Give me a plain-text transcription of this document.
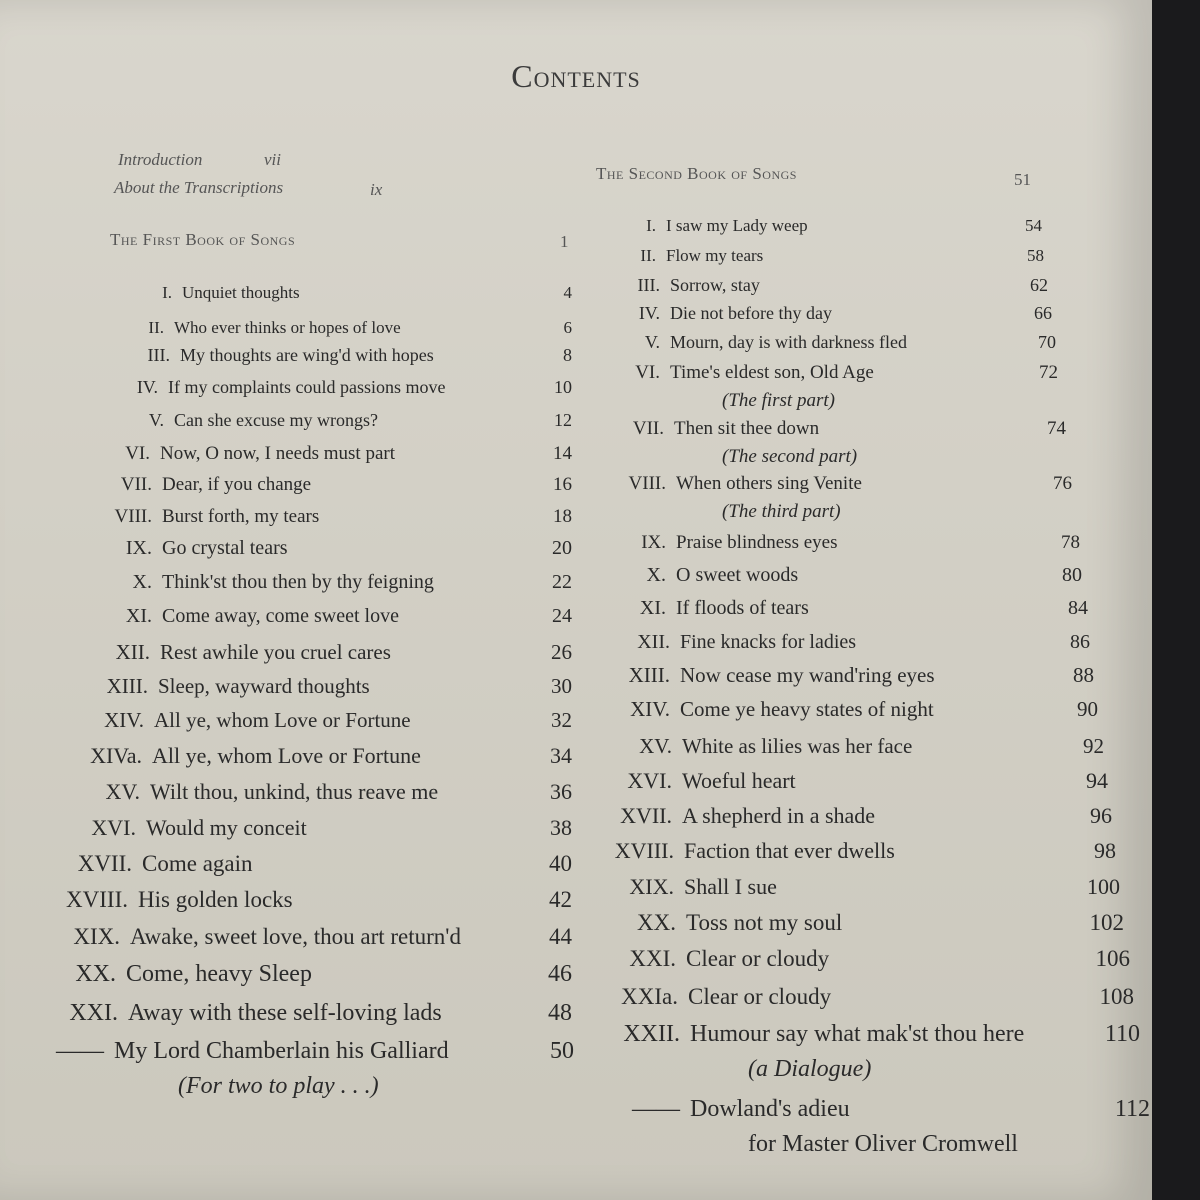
Contents
Introduction	vii
About the Transcriptions	ix
The First Book of Songs	1
I. Unquiet thoughts	4
II. Who ever thinks or hopes of love	6
III. My thoughts are wing'd with hopes	8
IV. If my complaints could passions move	10
V. Can she excuse my wrongs?	12
VI. Now, O now, I needs must part	14
VII. Dear, if you change	16
VIII. Burst forth, my tears	18
IX. Go crystal tears	20
X. Think'st thou then by thy feigning	22
XI. Come away, come sweet love	24
XII. Rest awhile you cruel cares	26
XIII. Sleep, wayward thoughts	30
XIV. All ye, whom Love or Fortune	32
XIVa. All ye, whom Love or Fortune	34
XV. Wilt thou, unkind, thus reave me	36
XVI. Would my conceit	38
XVII. Come again	40
XVIII. His golden locks	42
XIX. Awake, sweet love, thou art return'd	44
XX. Come, heavy Sleep	46
XXI. Away with these self-loving lads	48
—— My Lord Chamberlain his Galliard	50
(For two to play . . .)
The Second Book of Songs	51
I. I saw my Lady weep	54
II. Flow my tears	58
III. Sorrow, stay	62
IV. Die not before thy day	66
V. Mourn, day is with darkness fled	70
VI. Time's eldest son, Old Age	72
(The first part)
VII. Then sit thee down	74
(The second part)
VIII. When others sing Venite	76
(The third part)
IX. Praise blindness eyes	78
X. O sweet woods	80
XI. If floods of tears	84
XII. Fine knacks for ladies	86
XIII. Now cease my wand'ring eyes	88
XIV. Come ye heavy states of night	90
XV. White as lilies was her face	92
XVI. Woeful heart	94
XVII. A shepherd in a shade	96
XVIII. Faction that ever dwells	98
XIX. Shall I sue	100
XX. Toss not my soul	102
XXI. Clear or cloudy	106
XXIa. Clear or cloudy	108
XXII. Humour say what mak'st thou here	110
(a Dialogue)
—— Dowland's adieu	112
for Master Oliver Cromwell
